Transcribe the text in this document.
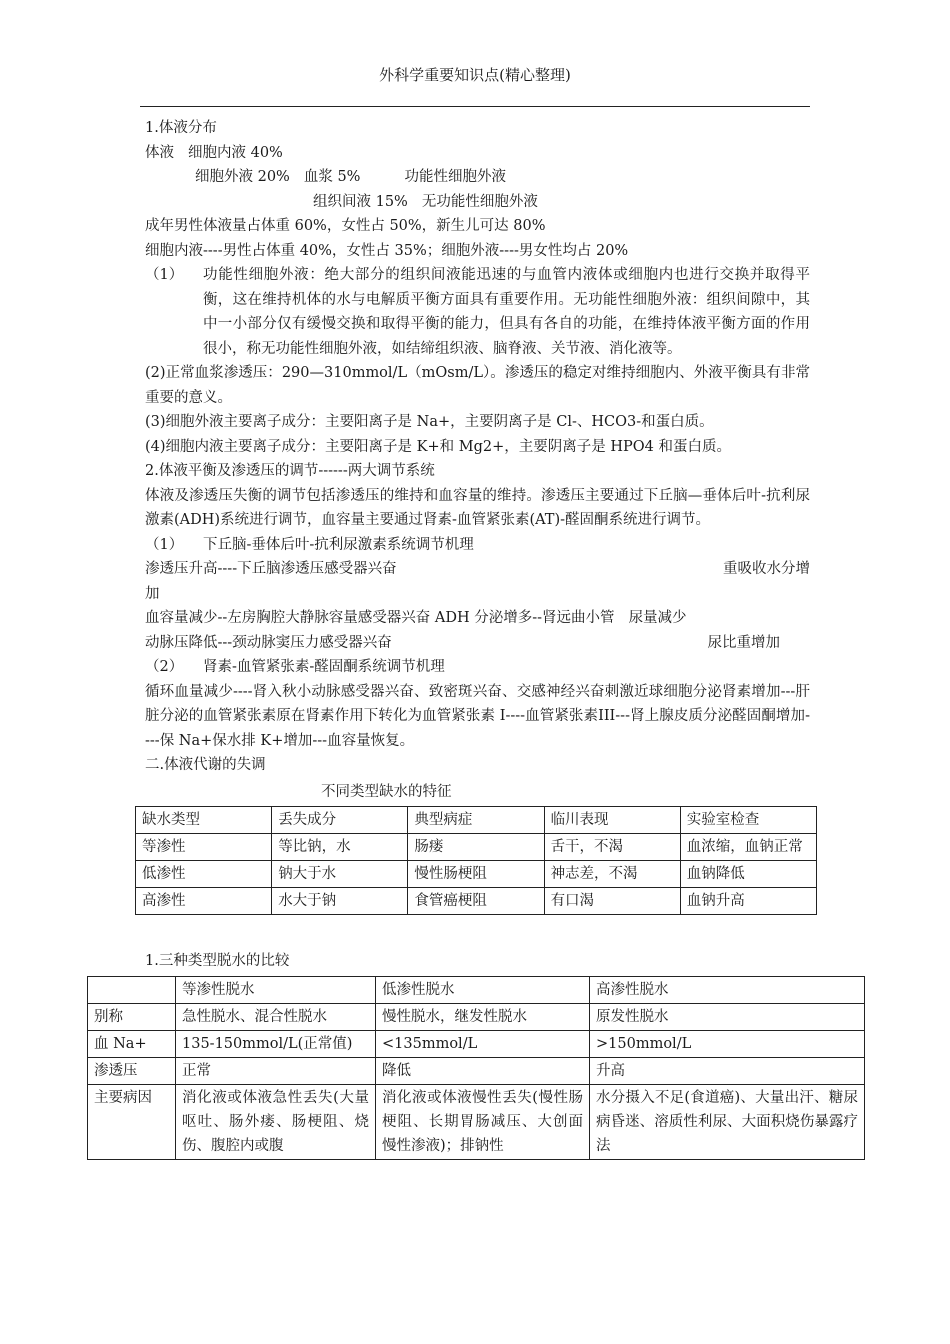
外科学重要知识点(精心整理)

1.体液分布

体液 细胞内液 40%

细胞外液 20% 血浆 5%	功能性细胞外液

组织间液 15% 无功能性细胞外液

成年男性体液量占体重 60%，女性占 50%，新生儿可达 80%

细胞内液----男性占体重 40%，女性占 35%；细胞外液----男女性均占 20%

（1）	功能性细胞外液：绝大部分的组织间液能迅速的与血管内液体或细胞内也进行交换并取得平衡，这在维持机体的水与电解质平衡方面具有重要作用。无功能性细胞外液：组织间隙中，其中一小部分仅有缓慢交换和取得平衡的能力，但具有各自的功能，在维持体液平衡方面的作用很小，称无功能性细胞外液，如结缔组织液、脑脊液、关节液、消化液等。

(2)正常血浆渗透压：290—310mmol/L（mOsm/L）。渗透压的稳定对维持细胞内、外液平衡具有非常重要的意义。

(3)细胞外液主要离子成分：主要阳离子是 Na+，主要阴离子是 Cl-、HCO3-和蛋白质。

(4)细胞内液主要离子成分：主要阳离子是 K+和 Mg2+，主要阴离子是 HPO4 和蛋白质。

2.体液平衡及渗透压的调节------两大调节系统

体液及渗透压失衡的调节包括渗透压的维持和血容量的维持。渗透压主要通过下丘脑—垂体后叶-抗利尿激素(ADH)系统进行调节，血容量主要通过肾素-血管紧张素(AT)-醛固酮系统进行调节。

（1）	下丘脑-垂体后叶-抗利尿激素系统调节机理
渗透压升高----下丘脑渗透压感受器兴奋	重吸收水分增

加

血容量减少--左房胸腔大静脉容量感受器兴奋 ADH 分泌增多--肾远曲小管 尿量减少
动脉压降低---颈动脉窦压力感受器兴奋	尿比重增加
（2）	肾素-血管紧张素-醛固酮系统调节机理

循环血量减少----肾入秋小动脉感受器兴奋、致密斑兴奋、交感神经兴奋刺激近球细胞分泌肾素增加---肝脏分泌的血管紧张素原在肾素作用下转化为血管紧张素 I----血管紧张素III---肾上腺皮质分泌醛固酮增加----保 Na+保水排 K+增加---血容量恢复。

二.体液代谢的失调

不同类型缺水的特征

缺水类型	丢失成分	典型病症	临川表现	实验室检查
等渗性	等比钠，水	肠瘘	舌干，不渴	血浓缩，血钠正常
低渗性	钠大于水	慢性肠梗阻	神志差，不渴	血钠降低
高渗性	水大于钠	食管癌梗阻	有口渴	血钠升高

1.三种类型脱水的比较

	等渗性脱水	低渗性脱水	高渗性脱水
别称	急性脱水、混合性脱水	慢性脱水，继发性脱水	原发性脱水
血 Na+	135-150mmol/L(正常值)	<135mmol/L	>150mmol/L
渗透压	正常	降低	升高
主要病因	消化液或体液急性丢失(大量呕吐、肠外瘘、肠梗阻、烧伤、腹腔内或腹	消化液或体液慢性丢失(慢性肠梗阻、长期胃肠减压、大创面慢性渗液)；排钠性	水分摄入不足(食道癌)、大量出汗、糖尿病昏迷、溶质性利尿、大面积烧伤暴露疗法
